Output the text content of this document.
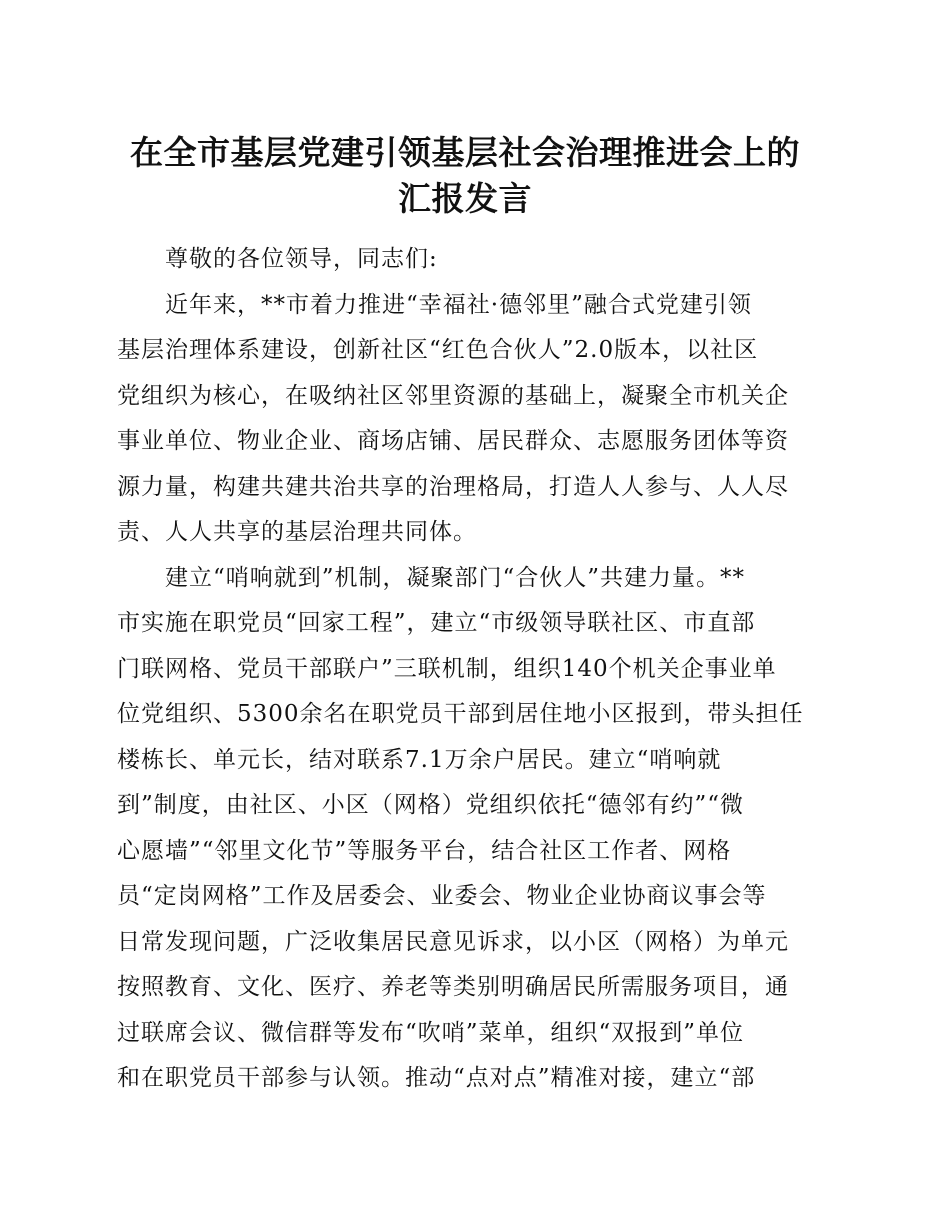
在全市基层党建引领基层社会治理推进会上的
汇报发言
尊敬的各位领导，同志们:
近年来，**市着力推进“幸福社·德邻里”融合式党建引领
基层治理体系建设，创新社区“红色合伙人”2.0版本，以社区
党组织为核心，在吸纳社区邻里资源的基础上，凝聚全市机关企
事业单位、物业企业、商场店铺、居民群众、志愿服务团体等资
源力量，构建共建共治共享的治理格局，打造人人参与、人人尽
责、人人共享的基层治理共同体。
建立“哨响就到”机制，凝聚部门“合伙人”共建力量。**
市实施在职党员“回家工程”，建立“市级领导联社区、市直部
门联网格、党员干部联户”三联机制，组织140个机关企事业单
位党组织、5300余名在职党员干部到居住地小区报到，带头担任
楼栋长、单元长，结对联系7.1万余户居民。建立“哨响就
到”制度，由社区、小区（网格）党组织依托“德邻有约”“微
心愿墙”“邻里文化节”等服务平台，结合社区工作者、网格
员“定岗网格”工作及居委会、业委会、物业企业协商议事会等
日常发现问题，广泛收集居民意见诉求，以小区（网格）为单元
按照教育、文化、医疗、养老等类别明确居民所需服务项目，通
过联席会议、微信群等发布“吹哨”菜单，组织“双报到”单位
和在职党员干部参与认领。推动“点对点”精准对接，建立“部
